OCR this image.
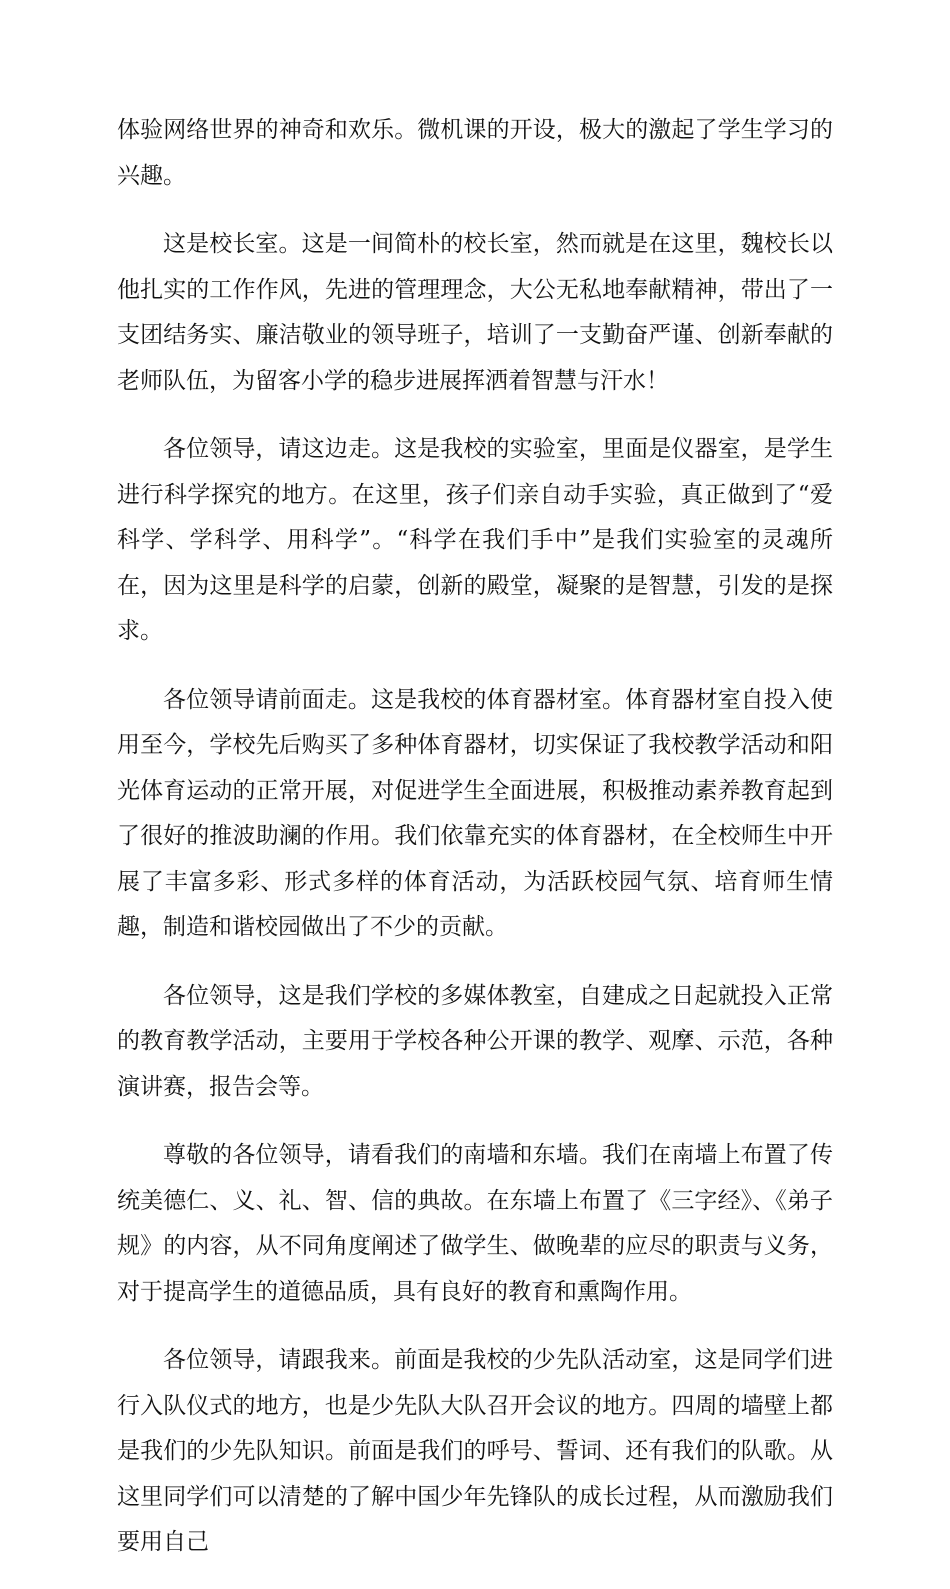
体验网络世界的神奇和欢乐。微机课的开设，极大的激起了学生学习的兴趣。

这是校长室。这是一间简朴的校长室，然而就是在这里，魏校长以他扎实的工作作风，先进的管理理念，大公无私地奉献精神，带出了一支团结务实、廉洁敬业的领导班子，培训了一支勤奋严谨、创新奉献的老师队伍，为留客小学的稳步进展挥洒着智慧与汗水！

各位领导，请这边走。这是我校的实验室，里面是仪器室，是学生进行科学探究的地方。在这里，孩子们亲自动手实验，真正做到了“爱科学、学科学、用科学”。“科学在我们手中”是我们实验室的灵魂所在，因为这里是科学的启蒙，创新的殿堂，凝聚的是智慧，引发的是探求。

各位领导请前面走。这是我校的体育器材室。体育器材室自投入使用至今，学校先后购买了多种体育器材，切实保证了我校教学活动和阳光体育运动的正常开展，对促进学生全面进展，积极推动素养教育起到了很好的推波助澜的作用。我们依靠充实的体育器材，在全校师生中开展了丰富多彩、形式多样的体育活动，为活跃校园气氛、培育师生情趣，制造和谐校园做出了不少的贡献。

各位领导，这是我们学校的多媒体教室，自建成之日起就投入正常的教育教学活动，主要用于学校各种公开课的教学、观摩、示范，各种演讲赛，报告会等。

尊敬的各位领导，请看我们的南墙和东墙。我们在南墙上布置了传统美德仁、义、礼、智、信的典故。在东墙上布置了《三字经》、《弟子规》的内容，从不同角度阐述了做学生、做晚辈的应尽的职责与义务，对于提高学生的道德品质，具有良好的教育和熏陶作用。

各位领导，请跟我来。前面是我校的少先队活动室，这是同学们进行入队仪式的地方，也是少先队大队召开会议的地方。四周的墙壁上都是我们的少先队知识。前面是我们的呼号、誓词、还有我们的队歌。从这里同学们可以清楚的了解中国少年先锋队的成长过程，从而激励我们要用自己
